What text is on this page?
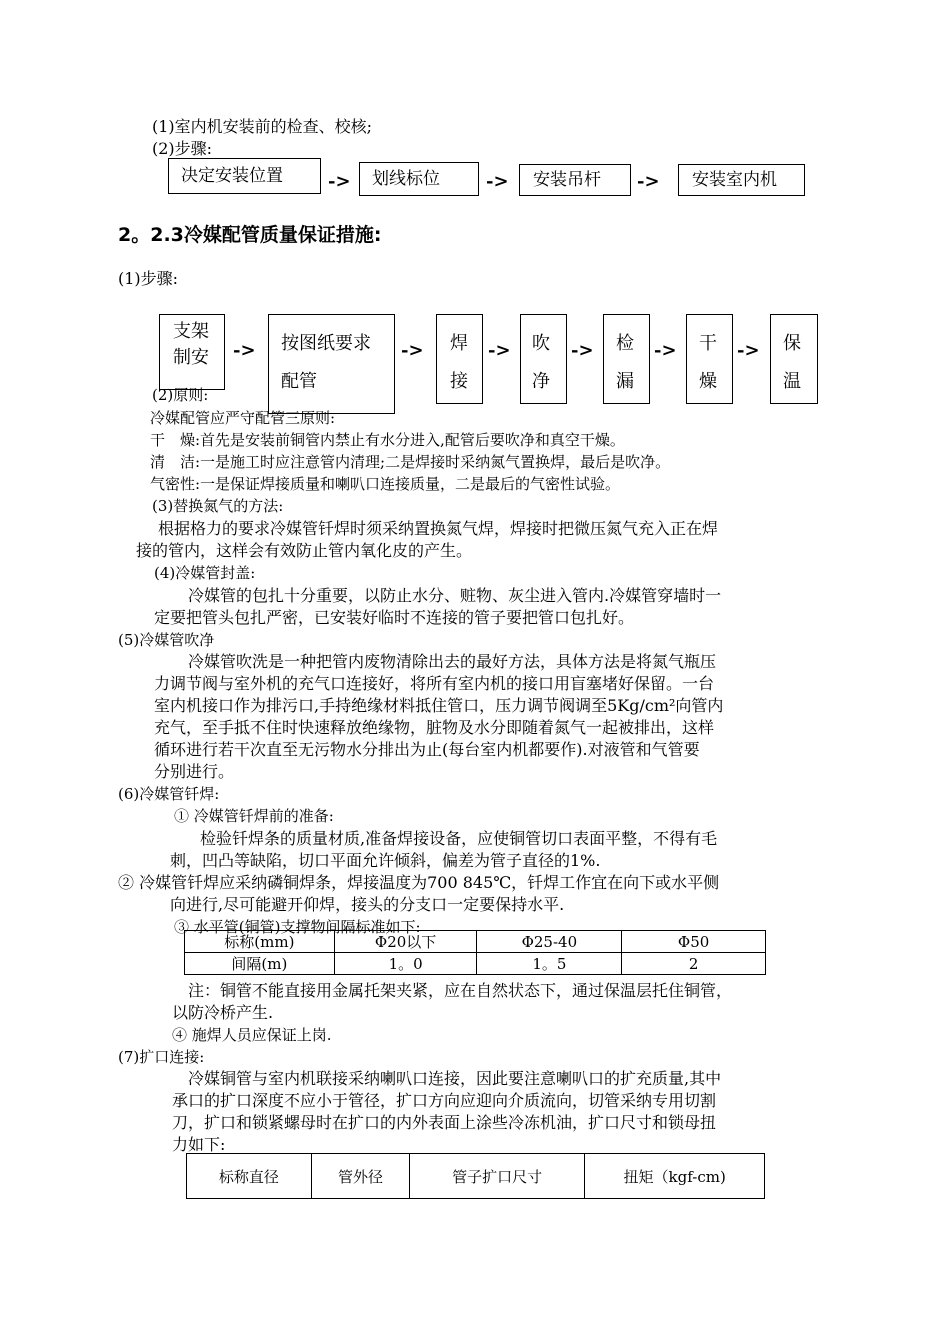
(1)室内机安装前的检查、校核;
(2)步骤:
决定安装位置	->	划线标位	->	安装吊杆	->	安装室内机
2。2.3冷媒配管质量保证措施:
(1)步骤:
支架
制安	-> 按图纸要求
配管
-> 焊
接
-> 吹
净
-> 检
漏
-> 干
燥
-> 保
温
(2)原则:
冷媒配管应严守配管三原则:
干　燥:首先是安装前铜管内禁止有水分进入,配管后要吹净和真空干燥。
清　洁:一是施工时应注意管内清理;二是焊接时采纳氮气置换焊，最后是吹净。
气密性:一是保证焊接质量和喇叭口连接质量，二是最后的气密性试验。
(3)替换氮气的方法:
根据格力的要求冷媒管钎焊时须采纳置换氮气焊，焊接时把微压氮气充入正在焊
接的管内，这样会有效防止管内氧化皮的产生。
(4)冷媒管封盖:
冷媒管的包扎十分重要，以防止水分、赃物、灰尘进入管内.冷媒管穿墙时一
定要把管头包扎严密，已安装好临时不连接的管子要把管口包扎好。
(5)冷媒管吹净
冷媒管吹洗是一种把管内废物清除出去的最好方法，具体方法是将氮气瓶压
力调节阀与室外机的充气口连接好，将所有室内机的接口用盲塞堵好保留。一台
室内机接口作为排污口,手持绝缘材料抵住管口，压力调节阀调至5Kg/cm²向管内
充气，至手抵不住时快速释放绝缘物，脏物及水分即随着氮气一起被排出，这样
循环进行若干次直至无污物水分排出为止(每台室内机都要作).对液管和气管要
分别进行。
(6)冷媒管钎焊:
① 冷媒管钎焊前的准备:
检验钎焊条的质量材质,准备焊接设备，应使铜管切口表面平整，不得有毛
刺，凹凸等缺陷，切口平面允许倾斜，偏差为管子直径的1%.
② 冷媒管钎焊应采纳磷铜焊条，焊接温度为700 845℃，钎焊工作宜在向下或水平侧
向进行,尽可能避开仰焊，接头的分支口一定要保持水平.
③ 水平管(铜管)支撑物间隔标准如下:
标称(mm)	Φ20以下	Φ25-40	Φ50
间隔(m)	1。0	1。5	2
注：铜管不能直接用金属托架夹紧，应在自然状态下，通过保温层托住铜管，
以防冷桥产生.
④ 施焊人员应保证上岗.
(7)扩口连接:
冷媒铜管与室内机联接采纳喇叭口连接，因此要注意喇叭口的扩充质量,其中
承口的扩口深度不应小于管径，扩口方向应迎向介质流向，切管采纳专用切割
刀，扩口和锁紧螺母时在扩口的内外表面上涂些冷冻机油，扩口尺寸和锁母扭
力如下:
标称直径	管外径	管子扩口尺寸	扭矩（kgf-cm)
